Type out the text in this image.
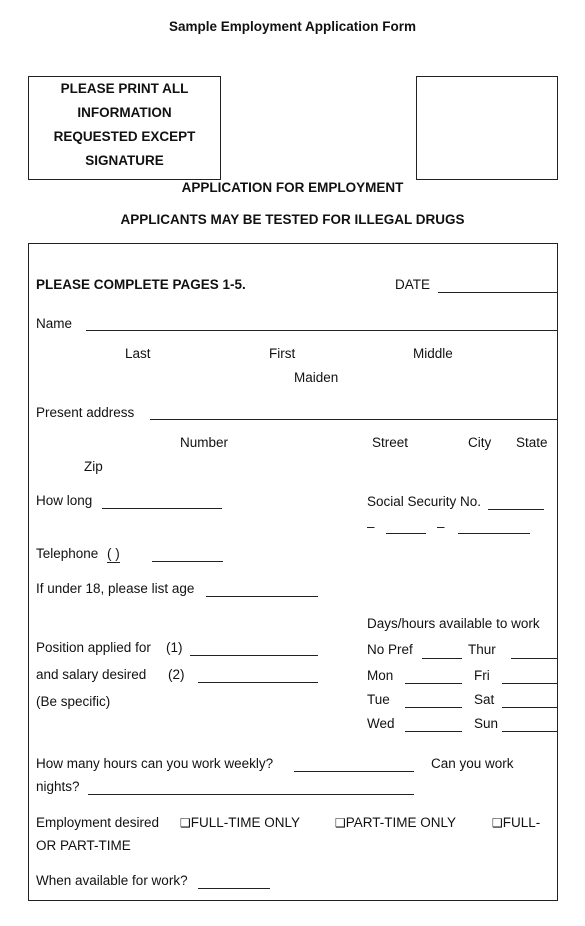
Sample Employment Application Form
PLEASE PRINT ALL
INFORMATION
REQUESTED EXCEPT
SIGNATURE
APPLICATION FOR EMPLOYMENT
APPLICANTS MAY BE TESTED FOR ILLEGAL DRUGS
PLEASE COMPLETE PAGES 1-5.	DATE
Name
Last	First	Middle
Maiden
Present address
Number	Street	City State
Zip
How long	Social Security No.
–	–
Telephone ( )
If under 18, please list age
Days/hours available to work
Position applied for (1)
and salary desired (2)
(Be specific)
No Pref	Thur
Mon	Fri
Tue	Sat
Wed	Sun
How many hours can you work weekly?	Can you work
nights?
Employment desired ❑FULL-TIME ONLY	❑PART-TIME ONLY	❑FULL-
OR PART-TIME
When available for work?
